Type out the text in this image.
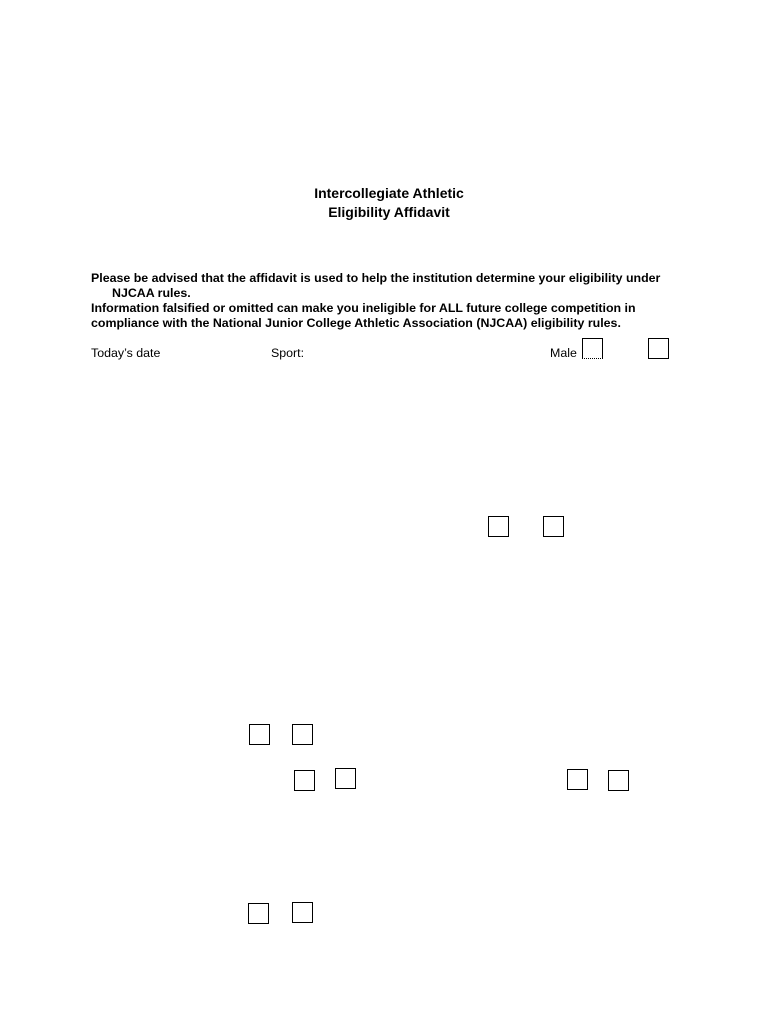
Intercollegiate Athletic
Eligibility Affidavit
Please be advised that the affidavit is used to help the institution determine your eligibility under
NJCAA rules.
Information falsified or omitted can make you ineligible for ALL future college competition in
compliance with the National Junior College Athletic Association (NJCAA) eligibility rules.
Today’s date	Sport:	Male
